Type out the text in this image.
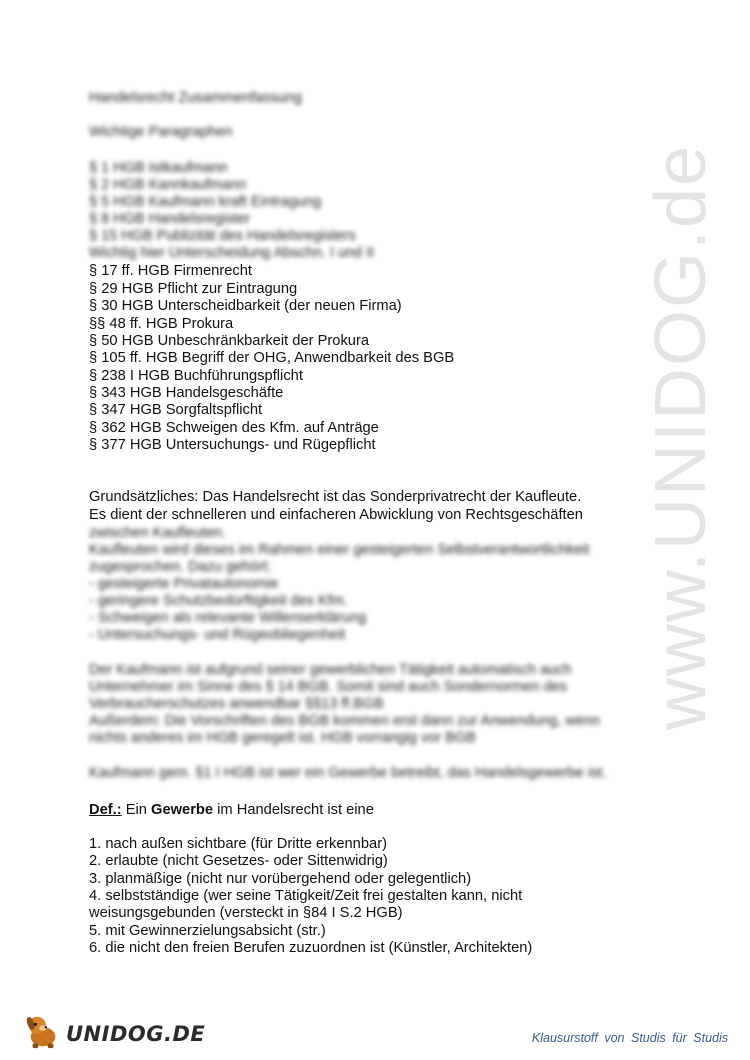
www.UNIDOG.de
Handelsrecht Zusammenfassung
Wichtige Paragraphen
§ 1 HGB Istkaufmann
§ 2 HGB Kannkaufmann
§ 5 HGB Kaufmann kraft Eintragung
§ 8 HGB Handelsregister
§ 15 HGB Publizität des Handelsregisters
Wichtig hier Unterscheidung Abschn. I und II
§ 17 ff. HGB Firmenrecht
§ 29 HGB Pflicht zur Eintragung
§ 30 HGB Unterscheidbarkeit (der neuen Firma)
§§ 48 ff. HGB Prokura
§ 50 HGB Unbeschränkbarkeit der Prokura
§ 105 ff. HGB Begriff der OHG, Anwendbarkeit des BGB
§ 238 I HGB Buchführungspflicht
§ 343 HGB Handelsgeschäfte
§ 347 HGB Sorgfaltspflicht
§ 362 HGB Schweigen des Kfm. auf Anträge
§ 377 HGB Untersuchungs- und Rügepflicht
Grundsätzliches: Das Handelsrecht ist das Sonderprivatrecht der Kaufleute.
Es dient der schnelleren und einfacheren Abwicklung von Rechtsgeschäften
zwischen Kaufleuten.
Kaufleuten wird dieses im Rahmen einer gesteigerten Selbstverantwortlichkeit
zugesprochen. Dazu gehört:
- gesteigerte Privatautonomie
- geringere Schutzbedürftigkeit des Kfm.
- Schweigen als relevante Willenserklärung
- Untersuchungs- und Rügeobliegenheit
Der Kaufmann ist aufgrund seiner gewerblichen Tätigkeit automatisch auch
Unternehmer im Sinne des § 14 BGB. Somit sind auch Sondernormen des
Verbraucherschutzes anwendbar §§13 ff.BGB
Außerdem: Die Vorschriften des BGB kommen erst dann zur Anwendung, wenn
nichts anderes im HGB geregelt ist. HGB vorrangig vor BGB
Kaufmann gem. §1 I HGB ist wer ein Gewerbe betreibt, das Handelsgewerbe ist.
Def.: Ein Gewerbe im Handelsrecht ist eine
1. nach außen sichtbare (für Dritte erkennbar)
2. erlaubte (nicht Gesetzes- oder Sittenwidrig)
3. planmäßige (nicht nur vorübergehend oder gelegentlich)
4. selbstständige (wer seine Tätigkeit/Zeit frei gestalten kann, nicht
weisungsgebunden (versteckt in §84 I S.2 HGB)
5. mit Gewinnerzielungsabsicht (str.)
6. die nicht den freien Berufen zuzuordnen ist (Künstler, Architekten)
UNIDOG.DE	Klausurstoff von Studis für Studis
